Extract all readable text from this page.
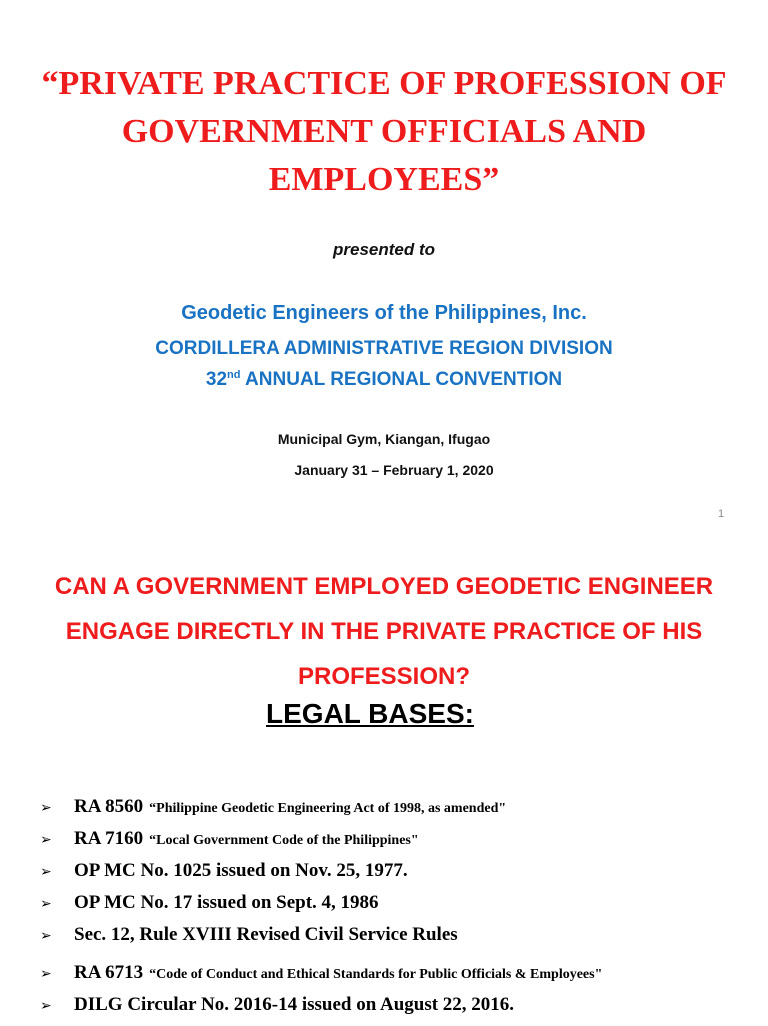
“PRIVATE PRACTICE OF PROFESSION OF GOVERNMENT OFFICIALS AND EMPLOYEES”
presented to
Geodetic Engineers of the Philippines, Inc.
CORDILLERA ADMINISTRATIVE REGION DIVISION
32nd ANNUAL REGIONAL CONVENTION
Municipal Gym, Kiangan, Ifugao
January 31 – February 1, 2020
1
CAN A GOVERNMENT EMPLOYED GEODETIC ENGINEER ENGAGE DIRECTLY IN THE PRIVATE PRACTICE OF HIS PROFESSION?
LEGAL BASES:
➢	RA 8560 “Philippine Geodetic Engineering Act of 1998, as amended"
➢	RA 7160 “Local Government Code of the Philippines"
➢	OP MC No. 1025 issued on Nov. 25, 1977.
➢	OP MC No. 17 issued on Sept. 4, 1986
➢	Sec. 12, Rule XVIII Revised Civil Service Rules
➢	RA 6713 “Code of Conduct and Ethical Standards for Public Officials & Employees"
➢	DILG Circular No. 2016-14 issued on August 22, 2016.
